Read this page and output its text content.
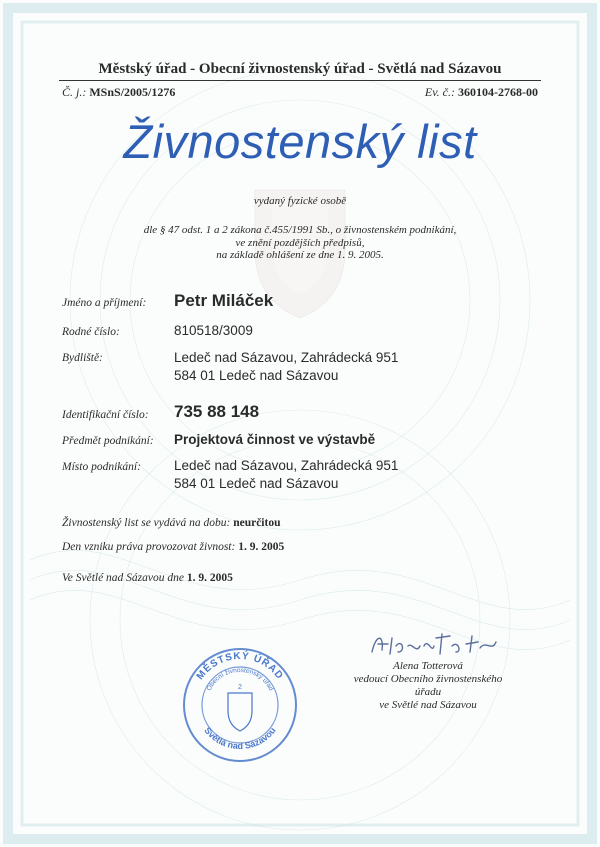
Městský úřad - Obecní živnostenský úřad - Světlá nad Sázavou
Č. j.: MSnS/2005/1276	Ev. č.: 360104-2768-00
Živnostenský list
vydaný fyzické osobě
dle § 47 odst. 1 a 2 zákona č.455/1991 Sb., o živnostenském podnikání,
ve znění pozdějších předpisů,
na základě ohlášení ze dne 1. 9. 2005.
Jméno a příjmení: Petr Miláček
Rodné číslo:	810518/3009
Bydliště:	Ledeč nad Sázavou, Zahrádecká 951
584 01 Ledeč nad Sázavou
Identifikační číslo: 735 88 148
Předmět podnikání: Projektová činnost ve výstavbě
Místo podnikání: Ledeč nad Sázavou, Zahrádecká 951
584 01 Ledeč nad Sázavou
Živnostenský list se vydává na dobu: neurčitou
Den vzniku práva provozovat živnost: 1. 9. 2005
Ve Světlé nad Sázavou dne 1. 9. 2005
Alena Totterová
vedoucí Obecního živnostenského úřadu
ve Světlé nad Sázavou
MĚSTSKÝ ÚŘAD
Světlá nad Sázavou
Obecní živnostenský úřad
2
